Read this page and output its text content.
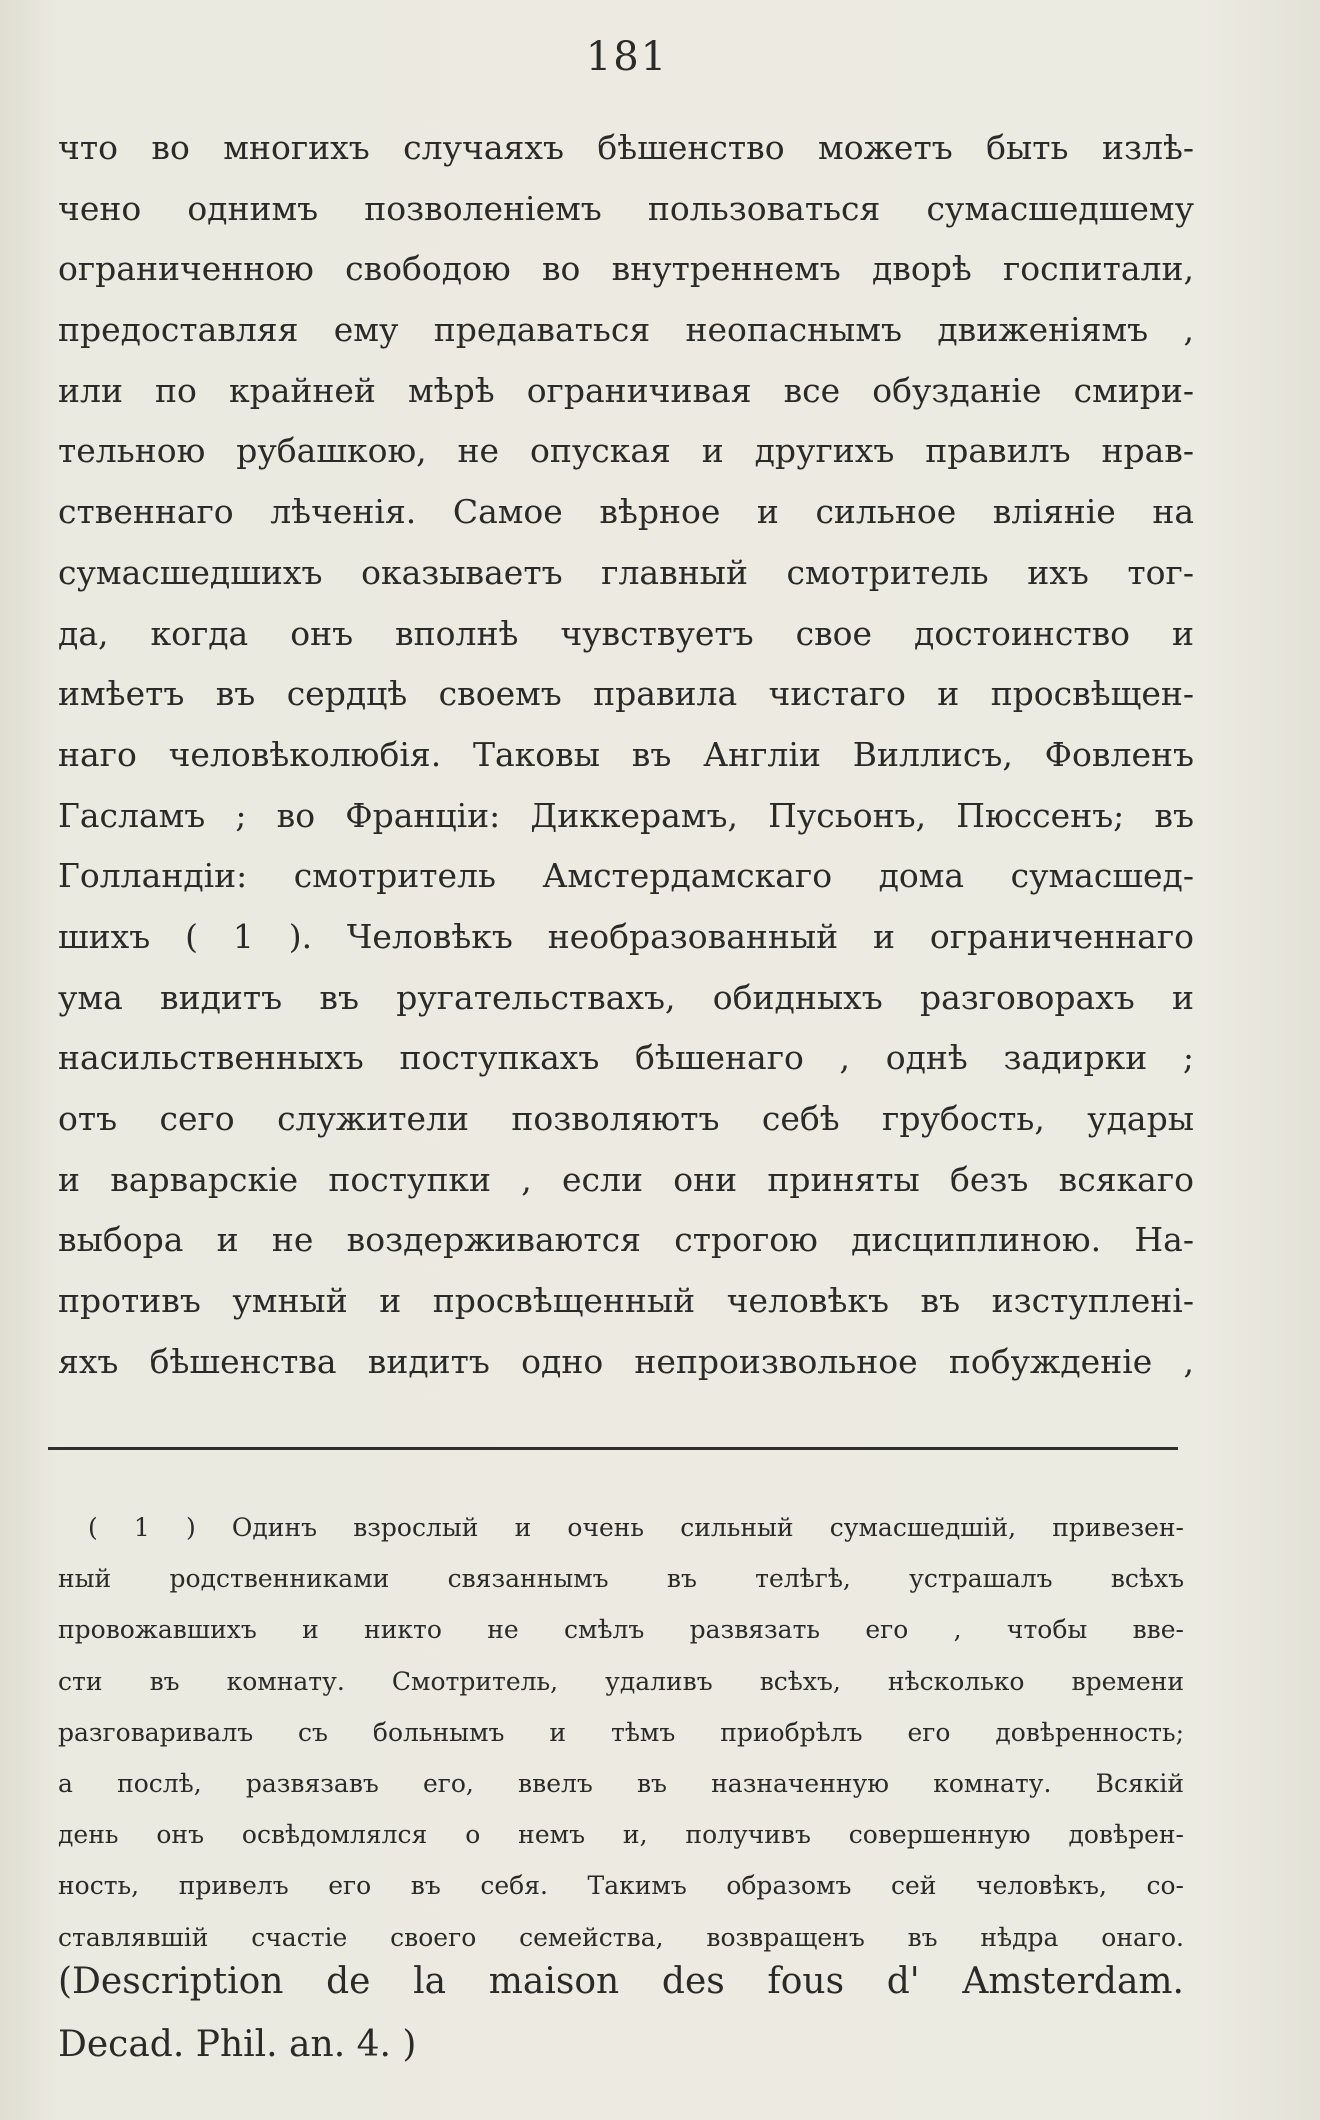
181
что во многихъ случаяхъ бѣшенство можетъ быть излѣ-
чено однимъ позволенiемъ пользоваться сумасшедшему
ограниченною свободою во внутреннемъ дворѣ госпитали,
предоставляя ему предаваться неопаснымъ движенiямъ ,
или по крайней мѣрѣ ограничивая все обузданiе смири-
тельною рубашкою, не опуская и другихъ правилъ нрав-
ственнаго лѣченiя. Самое вѣрное и сильное влiянiе на
сумасшедшихъ оказываетъ главный смотритель ихъ тог-
да, когда онъ вполнѣ чувствуетъ свое достоинство и
имѣетъ въ сердцѣ своемъ правила чистаго и просвѣщен-
наго человѣколюбiя. Таковы въ Англiи Виллисъ, Фовленъ
Гасламъ ; во Францiи: Диккерамъ, Пусьонъ, Пюссенъ; въ
Голландiи: смотритель Амстердамскаго дома сумасшед-
шихъ ( 1 ). Человѣкъ необразованный и ограниченнаго
ума видитъ въ ругательствахъ, обидныхъ разговорахъ и
насильственныхъ поступкахъ бѣшенаго , однѣ задирки ;
отъ сего служители позволяютъ себѣ грубость, удары
и варварскiе поступки , если они приняты безъ всякаго
выбора и не воздерживаются строгою дисциплиною. На-
противъ умный и просвѣщенный человѣкъ въ изступленi-
яхъ бѣшенства видитъ одно непроизвольное побужденiе ,
( 1 ) Одинъ взрослый и очень сильный сумасшедшiй, привезен-
ный родственниками связаннымъ въ телѣгѣ, устрашалъ всѣхъ
провожавшихъ и никто не смѣлъ развязать его , чтобы вве-
сти въ комнату. Смотритель, удаливъ всѣхъ, нѣсколько времени
разговаривалъ съ больнымъ и тѣмъ приобрѣлъ его довѣренность;
а послѣ, развязавъ его, ввелъ въ назначенную комнату. Всякiй
день онъ освѣдомлялся о немъ и, получивъ совершенную довѣрен-
ность, привелъ его въ себя. Такимъ образомъ сей человѣкъ, со-
ставлявшiй счастiе своего семейства, возвращенъ въ нѣдра онаго.
(Description de la maison des fous d' Amsterdam.
Decad. Phil. an. 4. )
